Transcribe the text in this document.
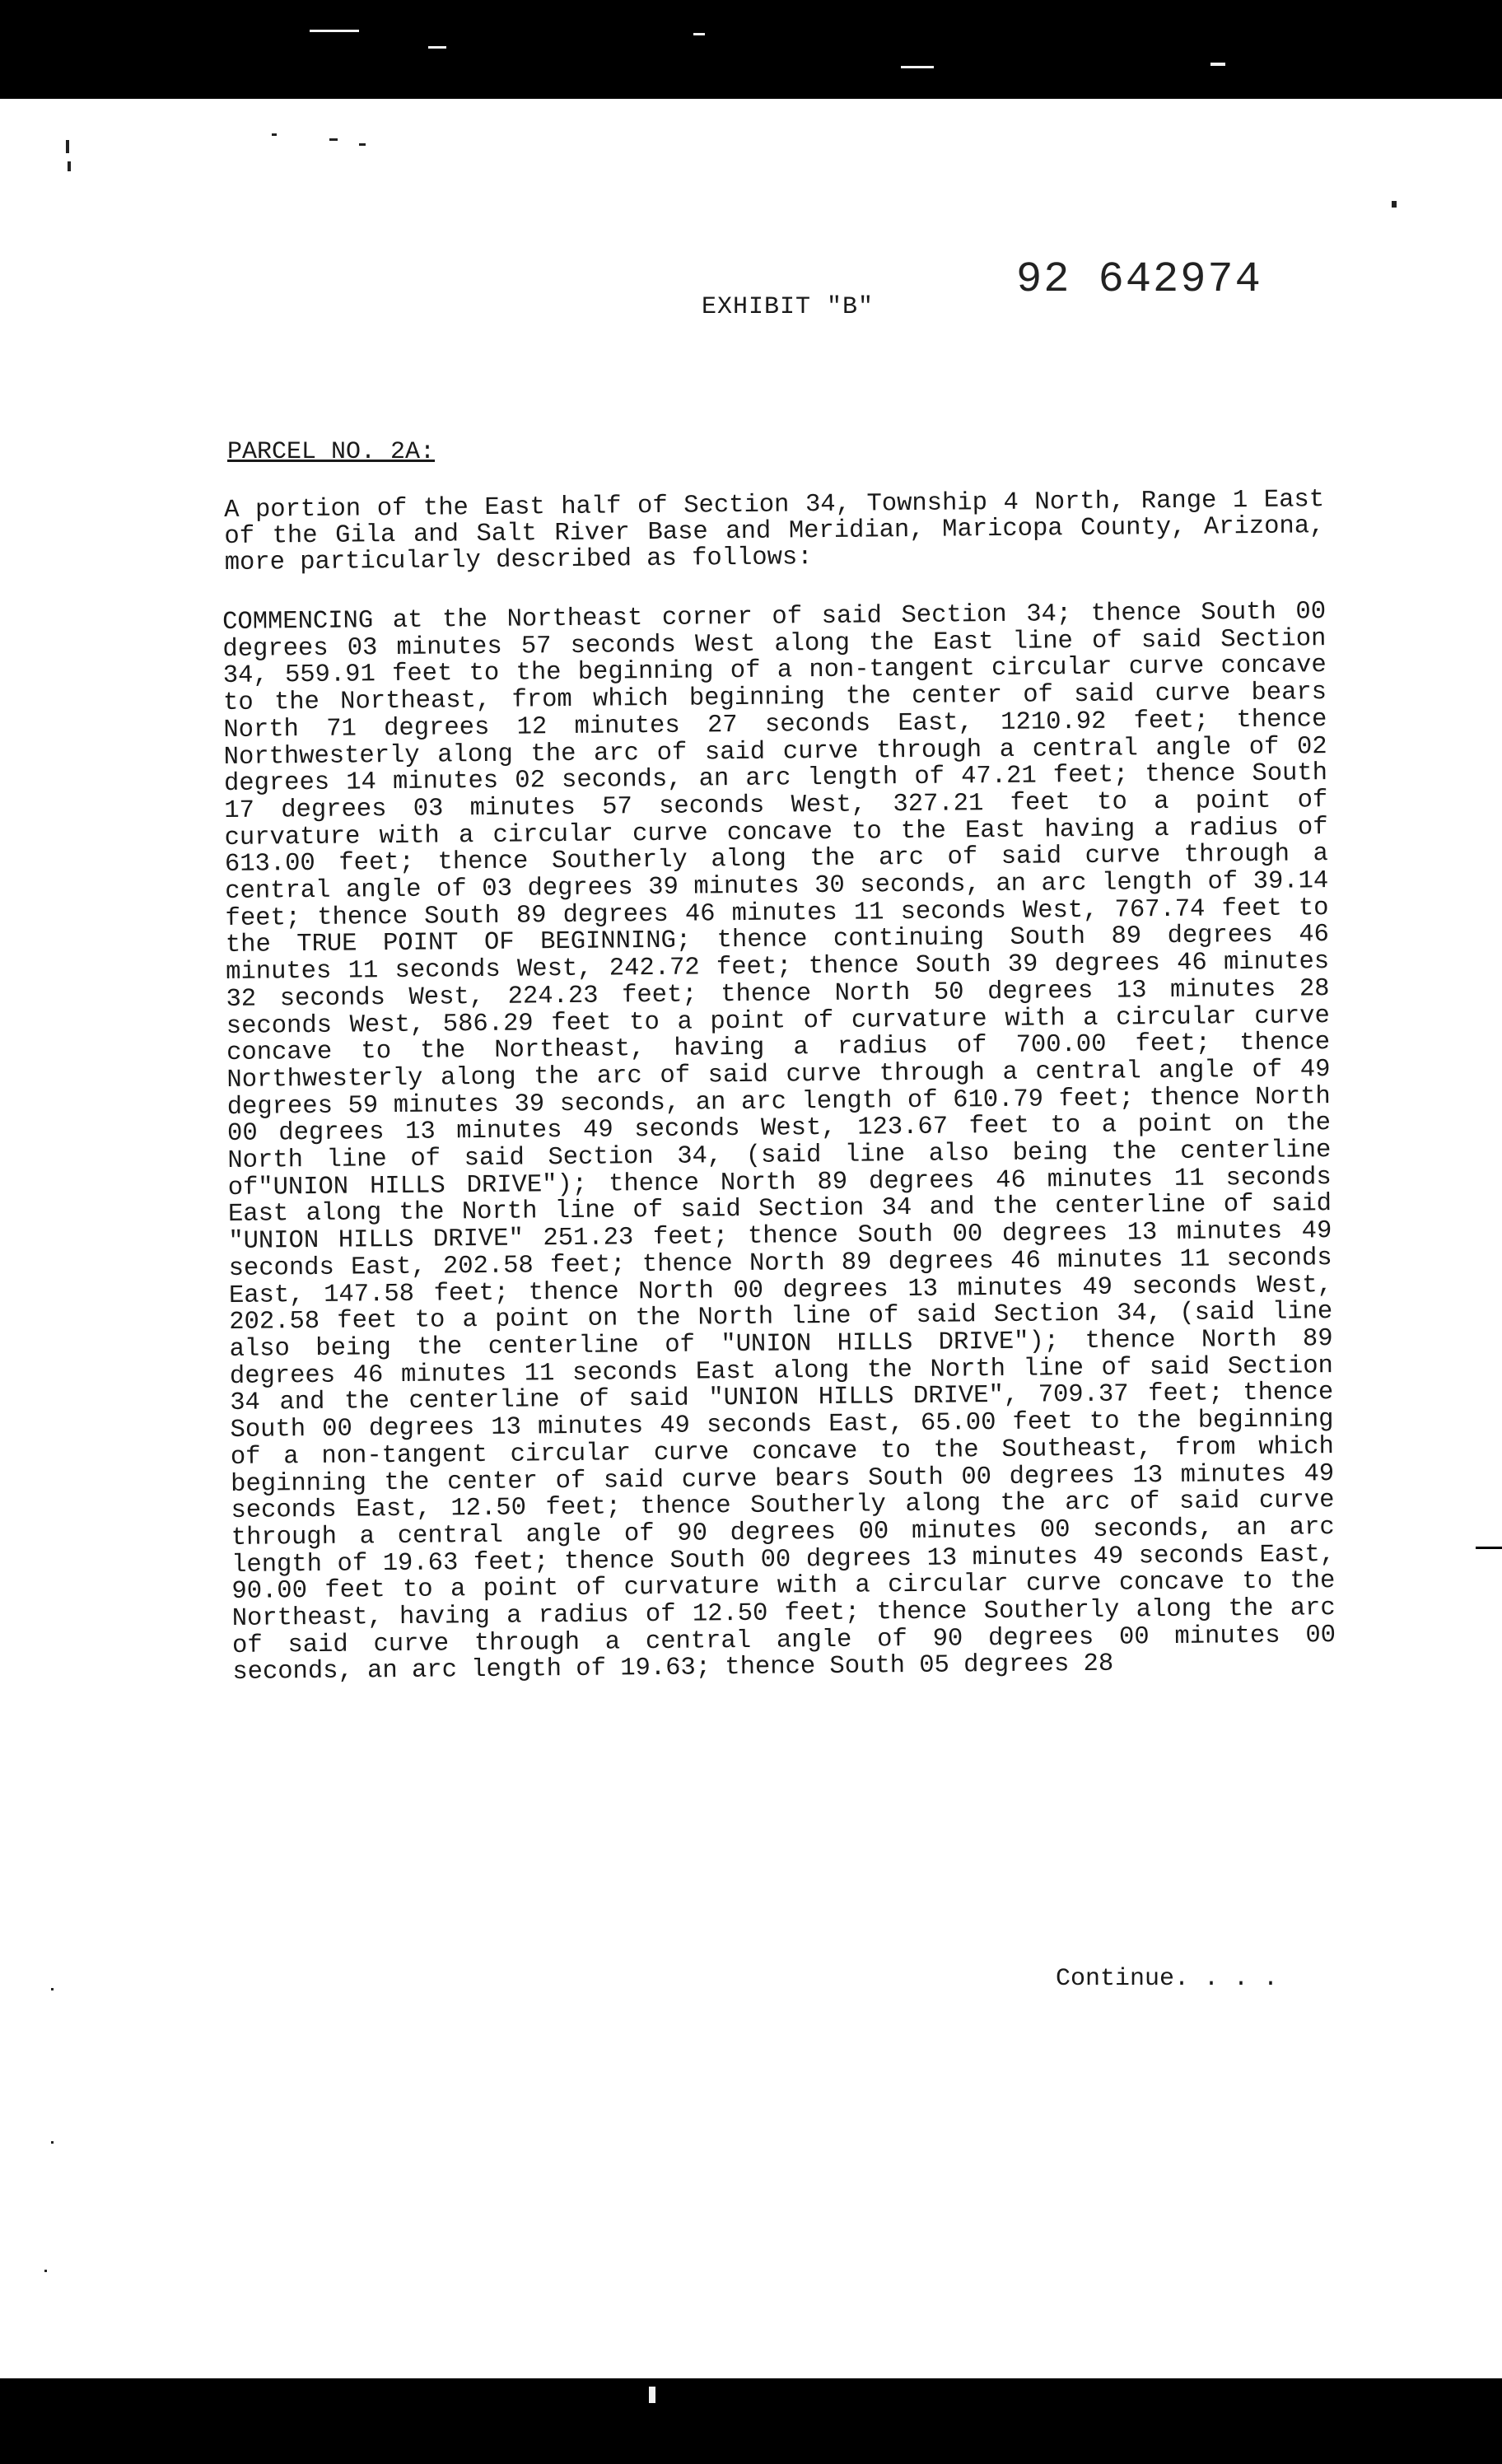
92 642974
EXHIBIT "B"
PARCEL NO. 2A:
A portion of the East half of Section 34, Township 4 North, Range 1 East of the Gila and Salt River Base and Meridian, Maricopa County, Arizona, more particularly described as follows:
COMMENCING at the Northeast corner of said Section 34; thence South 00 degrees 03 minutes 57 seconds West along the East line of said Section 34, 559.91 feet to the beginning of a non-tangent circular curve concave to the Northeast, from which beginning the center of said curve bears North 71 degrees 12 minutes 27 seconds East, 1210.92 feet; thence Northwesterly along the arc of said curve through a central angle of 02 degrees 14 minutes 02 seconds, an arc length of 47.21 feet; thence South 17 degrees 03 minutes 57 seconds West, 327.21 feet to a point of curvature with a circular curve concave to the East having a radius of 613.00 feet; thence Southerly along the arc of said curve through a central angle of 03 degrees 39 minutes 30 seconds, an arc length of 39.14 feet; thence South 89 degrees 46 minutes 11 seconds West, 767.74 feet to the TRUE POINT OF BEGINNING; thence continuing South 89 degrees 46 minutes 11 seconds West, 242.72 feet; thence South 39 degrees 46 minutes 32 seconds West, 224.23 feet; thence North 50 degrees 13 minutes 28 seconds West, 586.29 feet to a point of curvature with a circular curve concave to the Northeast, having a radius of 700.00 feet; thence Northwesterly along the arc of said curve through a central angle of 49 degrees 59 minutes 39 seconds, an arc length of 610.79 feet; thence North 00 degrees 13 minutes 49 seconds West, 123.67 feet to a point on the North line of said Section 34, (said line also being the centerline of"UNION HILLS DRIVE"); thence North 89 degrees 46 minutes 11 seconds East along the North line of said Section 34 and the centerline of said "UNION HILLS DRIVE" 251.23 feet; thence South 00 degrees 13 minutes 49 seconds East, 202.58 feet; thence North 89 degrees 46 minutes 11 seconds East, 147.58 feet; thence North 00 degrees 13 minutes 49 seconds West, 202.58 feet to a point on the North line of said Section 34, (said line also being the centerline of "UNION HILLS DRIVE"); thence North 89 degrees 46 minutes 11 seconds East along the North line of said Section 34 and the centerline of said "UNION HILLS DRIVE", 709.37 feet; thence South 00 degrees 13 minutes 49 seconds East, 65.00 feet to the beginning of a non-tangent circular curve concave to the Southeast, from which beginning the center of said curve bears South 00 degrees 13 minutes 49 seconds East, 12.50 feet; thence Southerly along the arc of said curve through a central angle of 90 degrees 00 minutes 00 seconds, an arc length of 19.63 feet; thence South 00 degrees 13 minutes 49 seconds East, 90.00 feet to a point of curvature with a circular curve concave to the Northeast, having a radius of 12.50 feet; thence Southerly along the arc of said curve through a central angle of 90 degrees 00 minutes 00 seconds, an arc length of 19.63; thence South 05 degrees 28
Continue. . . .
